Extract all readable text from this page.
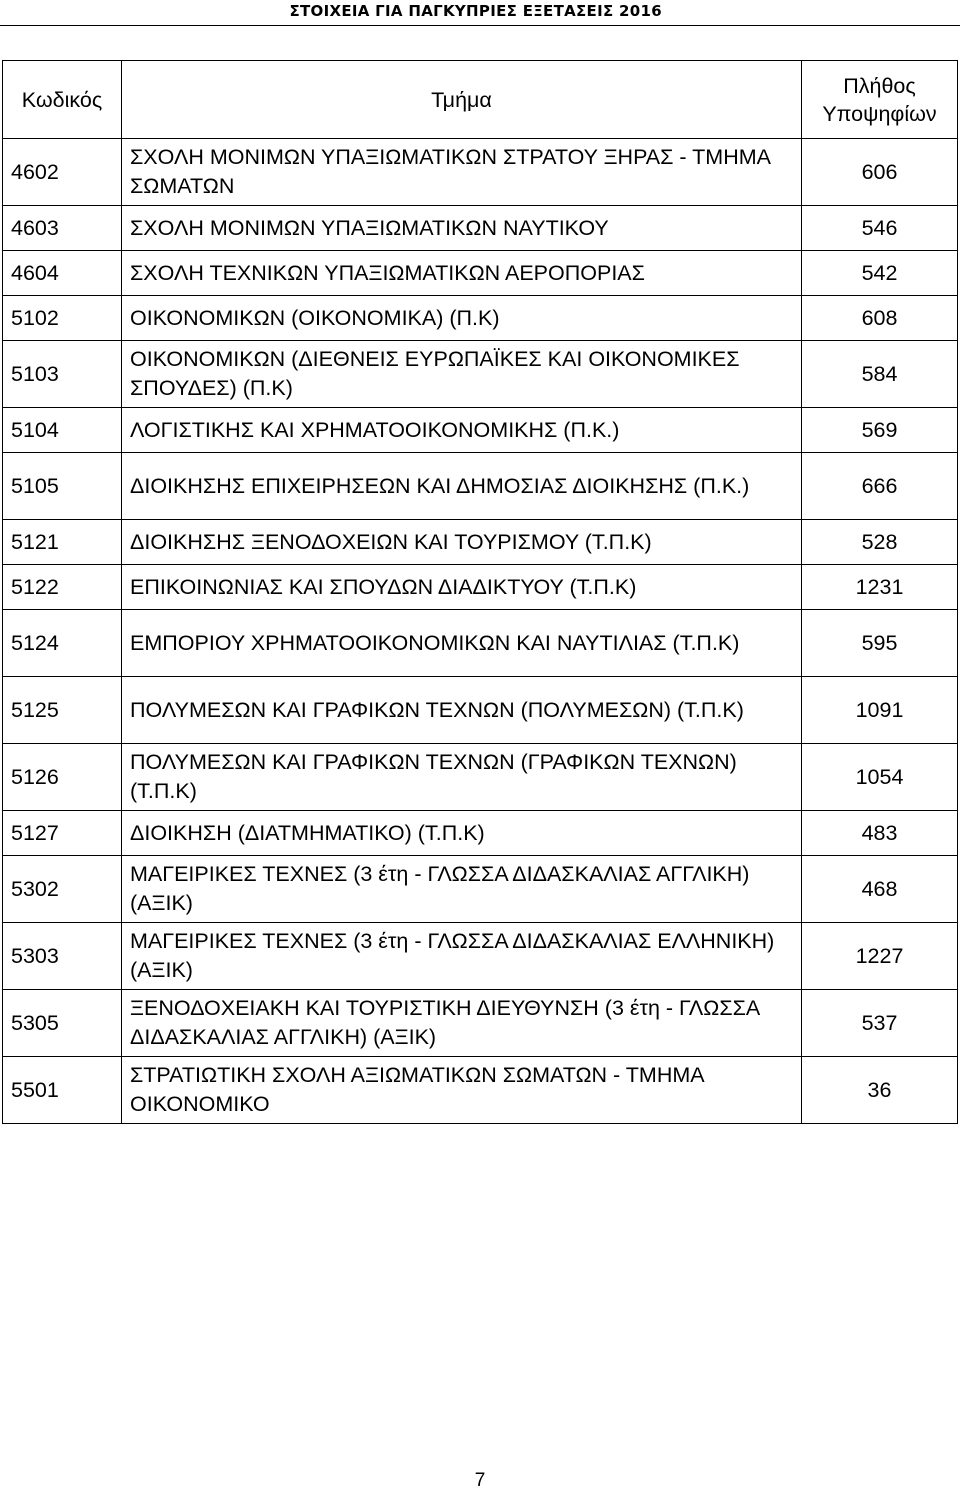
ΣΤΟΙΧΕΙΑ ΓΙΑ ΠΑΓΚΥΠΡΙΕΣ ΕΞΕΤΑΣΕΙΣ 2016
Κωδικός	Τμήμα	Πλήθος Υποψηφίων
4602	ΣΧΟΛΗ ΜΟΝΙΜΩΝ ΥΠΑΞΙΩΜΑΤΙΚΩΝ ΣΤΡΑΤΟΥ ΞΗΡΑΣ - ΤΜΗΜΑ ΣΩΜΑΤΩΝ	606
4603	ΣΧΟΛΗ ΜΟΝΙΜΩΝ ΥΠΑΞΙΩΜΑΤΙΚΩΝ ΝΑΥΤΙΚΟΥ	546
4604	ΣΧΟΛΗ ΤΕΧΝΙΚΩΝ ΥΠΑΞΙΩΜΑΤΙΚΩΝ ΑΕΡΟΠΟΡΙΑΣ	542
5102	ΟΙΚΟΝΟΜΙΚΩΝ (ΟΙΚΟΝΟΜΙΚΑ) (Π.Κ)	608
5103	ΟΙΚΟΝΟΜΙΚΩΝ (ΔΙΕΘΝΕΙΣ ΕΥΡΩΠΑΪΚΕΣ ΚΑΙ ΟΙΚΟΝΟΜΙΚΕΣ ΣΠΟΥΔΕΣ) (Π.Κ)	584
5104	ΛΟΓΙΣΤΙΚΗΣ ΚΑΙ ΧΡΗΜΑΤΟΟΙΚΟΝΟΜΙΚΗΣ (Π.Κ.)	569
5105	ΔΙΟΙΚΗΣΗΣ ΕΠΙΧΕΙΡΗΣΕΩΝ ΚΑΙ ΔΗΜΟΣΙΑΣ ΔΙΟΙΚΗΣΗΣ (Π.Κ.)	666
5121	ΔΙΟΙΚΗΣΗΣ ΞΕΝΟΔΟΧΕΙΩΝ ΚΑΙ ΤΟΥΡΙΣΜΟΥ (Τ.Π.Κ)	528
5122	ΕΠΙΚΟΙΝΩΝΙΑΣ ΚΑΙ ΣΠΟΥΔΩΝ ΔΙΑΔΙΚΤΥΟΥ (Τ.Π.Κ)	1231
5124	ΕΜΠΟΡΙΟΥ ΧΡΗΜΑΤΟΟΙΚΟΝΟΜΙΚΩΝ ΚΑΙ ΝΑΥΤΙΛΙΑΣ (Τ.Π.Κ)	595
5125	ΠΟΛΥΜΕΣΩΝ ΚΑΙ ΓΡΑΦΙΚΩΝ ΤΕΧΝΩΝ (ΠΟΛΥΜΕΣΩΝ) (Τ.Π.Κ)	1091
5126	ΠΟΛΥΜΕΣΩΝ ΚΑΙ ΓΡΑΦΙΚΩΝ ΤΕΧΝΩΝ (ΓΡΑΦΙΚΩΝ ΤΕΧΝΩΝ) (Τ.Π.Κ)	1054
5127	ΔΙΟΙΚΗΣΗ (ΔΙΑΤΜΗΜΑΤΙΚΟ) (Τ.Π.Κ)	483
5302	ΜΑΓΕΙΡΙΚΕΣ ΤΕΧΝΕΣ (3 έτη - ΓΛΩΣΣΑ ΔΙΔΑΣΚΑΛΙΑΣ ΑΓΓΛΙΚΗ) (ΑΞΙΚ)	468
5303	ΜΑΓΕΙΡΙΚΕΣ ΤΕΧΝΕΣ (3 έτη - ΓΛΩΣΣΑ ΔΙΔΑΣΚΑΛΙΑΣ ΕΛΛΗΝΙΚΗ) (ΑΞΙΚ)	1227
5305	ΞΕΝΟΔΟΧΕΙΑΚΗ ΚΑΙ ΤΟΥΡΙΣΤΙΚΗ ΔΙΕΥΘΥΝΣΗ (3 έτη - ΓΛΩΣΣΑ ΔΙΔΑΣΚΑΛΙΑΣ ΑΓΓΛΙΚΗ) (ΑΞΙΚ)	537
5501	ΣΤΡΑΤΙΩΤΙΚΗ ΣΧΟΛΗ ΑΞΙΩΜΑΤΙΚΩΝ ΣΩΜΑΤΩΝ - ΤΜΗΜΑ ΟΙΚΟΝΟΜΙΚΟ	36
7
